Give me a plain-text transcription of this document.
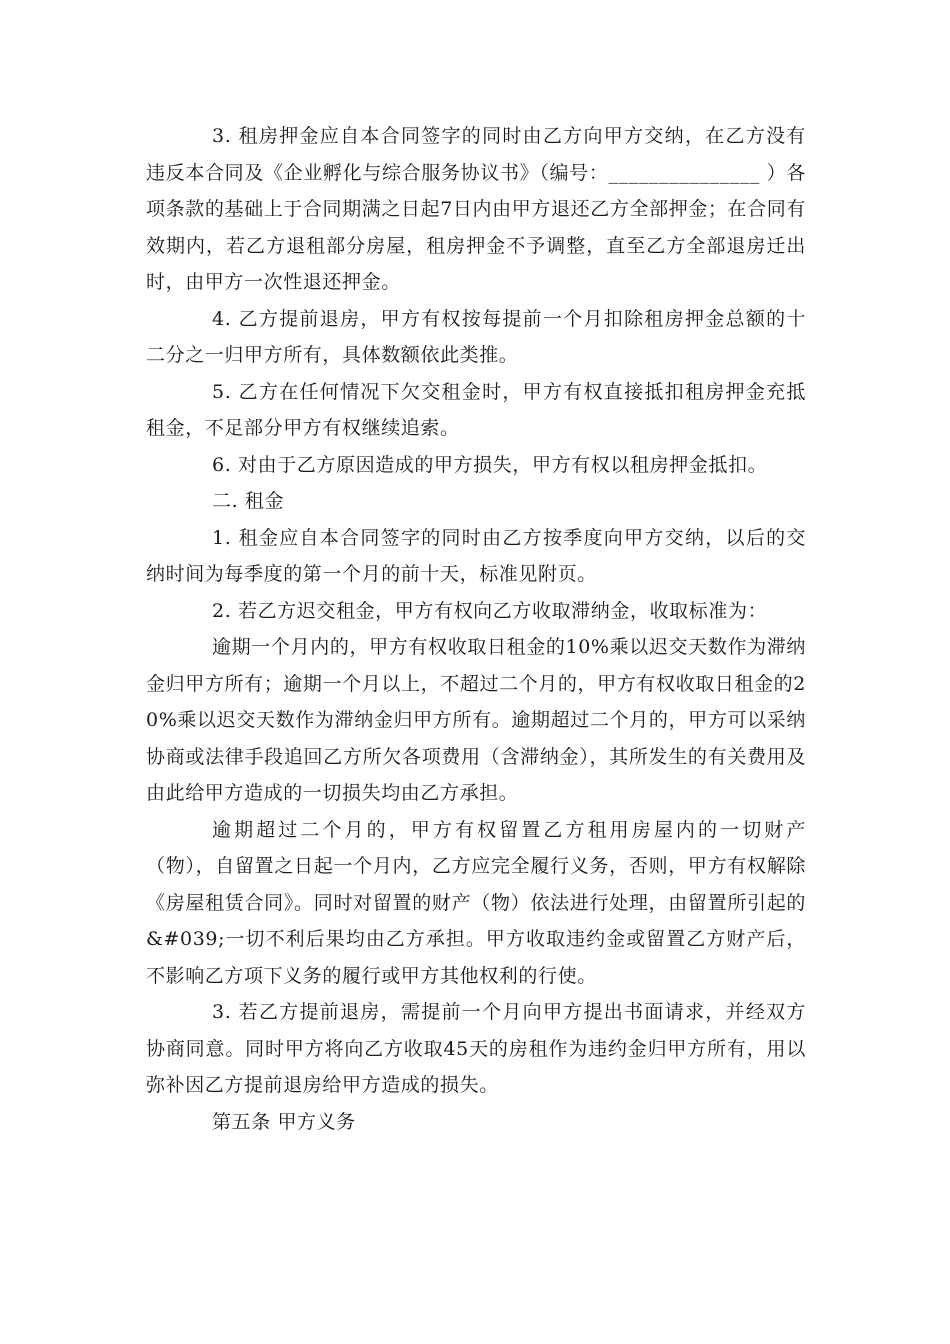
3. 租房押金应自本合同签字的同时由乙方向甲方交纳，在乙方没有违反本合同及《企业孵化与综合服务协议书》（编号：_______________ ）各项条款的基础上于合同期满之日起7日内由甲方退还乙方全部押金；在合同有效期内，若乙方退租部分房屋，租房押金不予调整，直至乙方全部退房迁出时，由甲方一次性退还押金。

4. 乙方提前退房，甲方有权按每提前一个月扣除租房押金总额的十二分之一归甲方所有，具体数额依此类推。

5. 乙方在任何情况下欠交租金时，甲方有权直接抵扣租房押金充抵租金，不足部分甲方有权继续追索。

6. 对由于乙方原因造成的甲方损失，甲方有权以租房押金抵扣。

二. 租金

1. 租金应自本合同签字的同时由乙方按季度向甲方交纳，以后的交纳时间为每季度的第一个月的前十天，标准见附页。

2. 若乙方迟交租金，甲方有权向乙方收取滞纳金，收取标准为：

逾期一个月内的，甲方有权收取日租金的10%乘以迟交天数作为滞纳金归甲方所有；逾期一个月以上，不超过二个月的，甲方有权收取日租金的20%乘以迟交天数作为滞纳金归甲方所有。逾期超过二个月的，甲方可以采纳协商或法律手段追回乙方所欠各项费用（含滞纳金），其所发生的有关费用及由此给甲方造成的一切损失均由乙方承担。

逾期超过二个月的，甲方有权留置乙方租用房屋内的一切财产（物），自留置之日起一个月内，乙方应完全履行义务，否则，甲方有权解除《房屋租赁合同》。同时对留置的财产（物）依法进行处理，由留置所引起的&#039;一切不利后果均由乙方承担。甲方收取违约金或留置乙方财产后，不影响乙方项下义务的履行或甲方其他权利的行使。

3. 若乙方提前退房，需提前一个月向甲方提出书面请求，并经双方协商同意。同时甲方将向乙方收取45天的房租作为违约金归甲方所有，用以弥补因乙方提前退房给甲方造成的损失。

第五条 甲方义务
